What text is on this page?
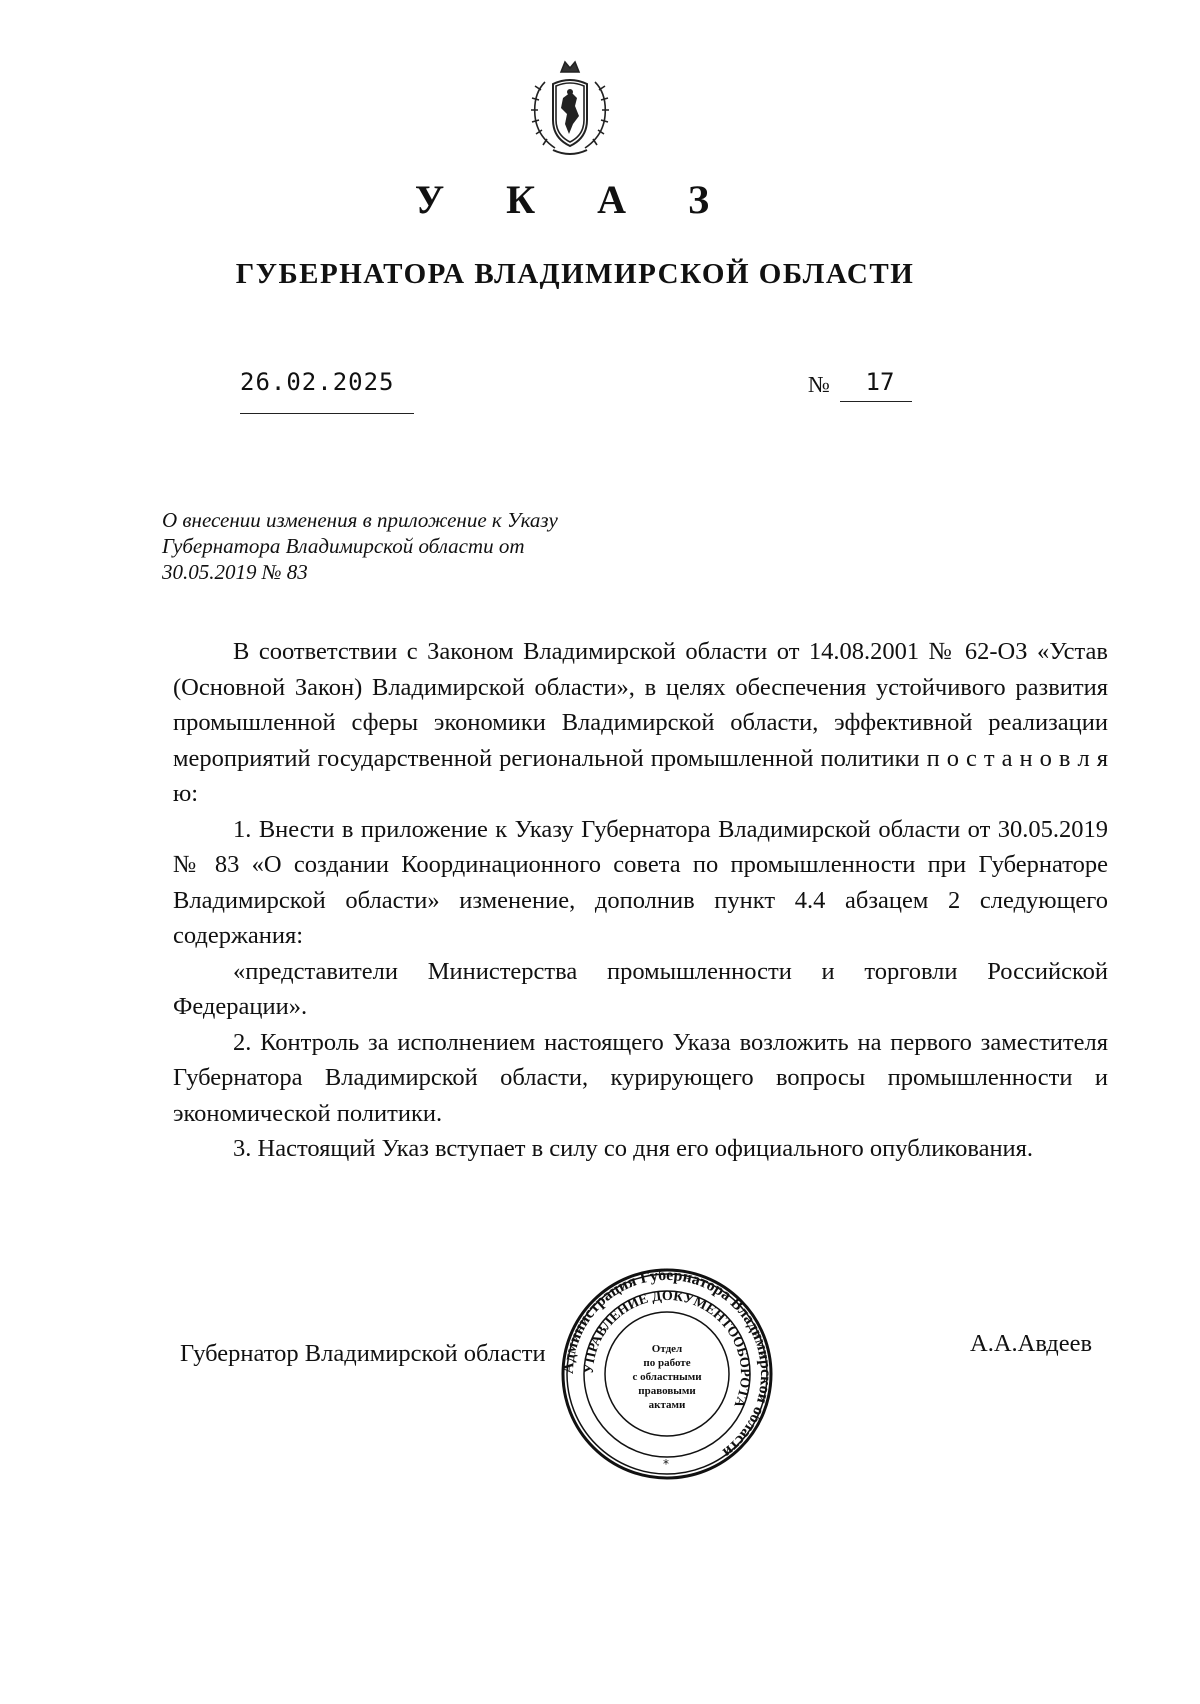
У К А З
ГУБЕРНАТОРА ВЛАДИМИРСКОЙ ОБЛАСТИ
26.02.2025	№	17

О внесении изменения в приложение к Указу Губернатора Владимирской области от 30.05.2019 № 83

В соответствии с Законом Владимирской области от 14.08.2001 № 62-ОЗ «Устав (Основной Закон) Владимирской области», в целях обеспечения устойчивого развития промышленной сферы экономики Владимирской области, эффективной реализации мероприятий государственной региональной промышленной политики п о с т а н о в л я ю:

1. Внести в приложение к Указу Губернатора Владимирской области от 30.05.2019 № 83 «О создании Координационного совета по промышленности при Губернаторе Владимирской области» изменение, дополнив пункт 4.4 абзацем 2 следующего содержания:

«представители Министерства промышленности и торговли Российской Федерации».

2. Контроль за исполнением настоящего Указа возложить на первого заместителя Губернатора Владимирской области, курирующего вопросы промышленности и экономической политики.

3. Настоящий Указ вступает в силу со дня его официального опубликования.

Губернатор Владимирской области	А.А.Авдеев
Администрация Губернатора Владимирской области
УПРАВЛЕНИЕ ДОКУМЕНТООБОРОТА
Отдел
по работе
с областными
правовыми
актами
*
